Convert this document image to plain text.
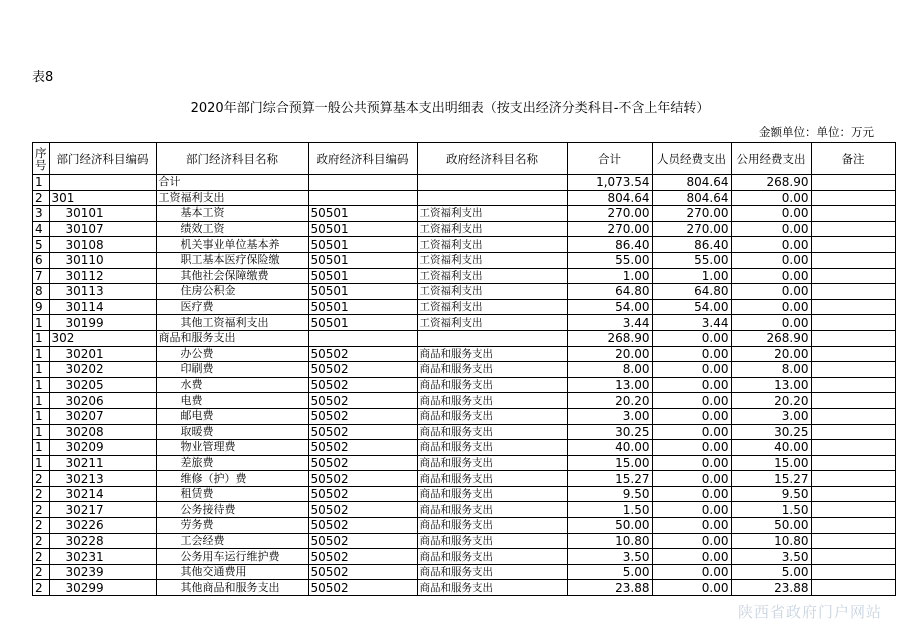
表8
2020年部门综合预算一般公共预算基本支出明细表（按支出经济分类科目-不含上年结转）
金额单位：单位：万元
序号	部门经济科目编码	部门经济科目名称	政府经济科目编码	政府经济科目名称	合计	人员经费支出	公用经费支出	备注
1		合计			1,073.54	804.64	268.90	
2	301	工资福利支出			804.64	804.64	0.00	
3	30101	基本工资	50501	工资福利支出	270.00	270.00	0.00	
4	30107	绩效工资	50501	工资福利支出	270.00	270.00	0.00	
5	30108	机关事业单位基本养	50501	工资福利支出	86.40	86.40	0.00	
6	30110	职工基本医疗保险缴	50501	工资福利支出	55.00	55.00	0.00	
7	30112	其他社会保障缴费	50501	工资福利支出	1.00	1.00	0.00	
8	30113	住房公积金	50501	工资福利支出	64.80	64.80	0.00	
9	30114	医疗费	50501	工资福利支出	54.00	54.00	0.00	
1	30199	其他工资福利支出	50501	工资福利支出	3.44	3.44	0.00	
1	302	商品和服务支出			268.90	0.00	268.90	
1	30201	办公费	50502	商品和服务支出	20.00	0.00	20.00	
1	30202	印刷费	50502	商品和服务支出	8.00	0.00	8.00	
1	30205	水费	50502	商品和服务支出	13.00	0.00	13.00	
1	30206	电费	50502	商品和服务支出	20.20	0.00	20.20	
1	30207	邮电费	50502	商品和服务支出	3.00	0.00	3.00	
1	30208	取暖费	50502	商品和服务支出	30.25	0.00	30.25	
1	30209	物业管理费	50502	商品和服务支出	40.00	0.00	40.00	
1	30211	差旅费	50502	商品和服务支出	15.00	0.00	15.00	
2	30213	维修（护）费	50502	商品和服务支出	15.27	0.00	15.27	
2	30214	租赁费	50502	商品和服务支出	9.50	0.00	9.50	
2	30217	公务接待费	50502	商品和服务支出	1.50	0.00	1.50	
2	30226	劳务费	50502	商品和服务支出	50.00	0.00	50.00	
2	30228	工会经费	50502	商品和服务支出	10.80	0.00	10.80	
2	30231	公务用车运行维护费	50502	商品和服务支出	3.50	0.00	3.50	
2	30239	其他交通费用	50502	商品和服务支出	5.00	0.00	5.00	
2	30299	其他商品和服务支出	50502	商品和服务支出	23.88	0.00	23.88	
陕西省政府门户网站
